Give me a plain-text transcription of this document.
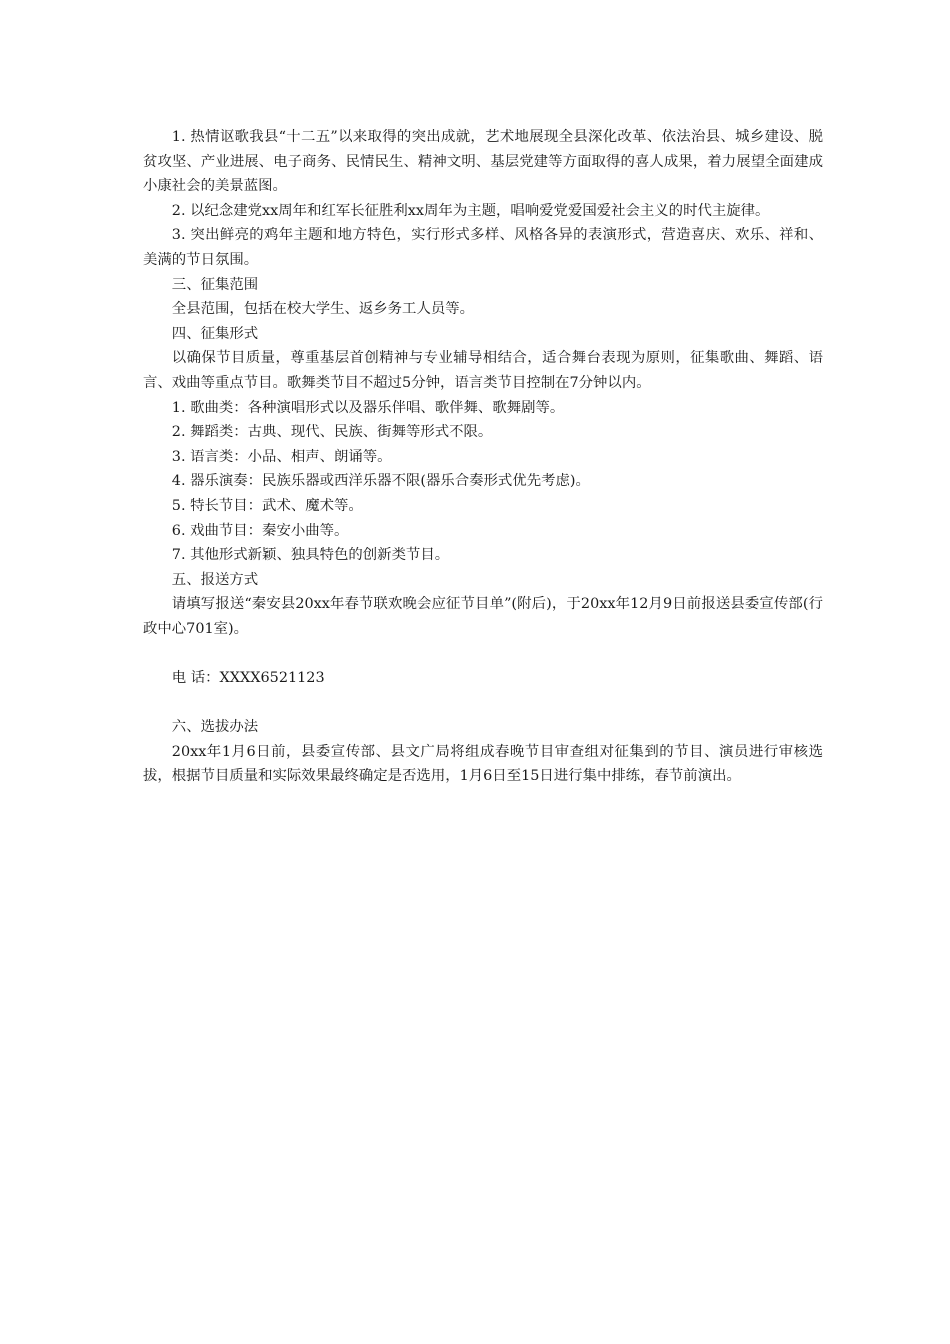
1. 热情讴歌我县“十二五”以来取得的突出成就，艺术地展现全县深化改革、依法治县、城乡建设、脱贫攻坚、产业进展、电子商务、民情民生、精神文明、基层党建等方面取得的喜人成果，着力展望全面建成小康社会的美景蓝图。

2. 以纪念建党xx周年和红军长征胜利xx周年为主题，唱响爱党爱国爱社会主义的时代主旋律。

3. 突出鲜亮的鸡年主题和地方特色，实行形式多样、风格各异的表演形式，营造喜庆、欢乐、祥和、美满的节日氛围。

三、征集范围

全县范围，包括在校大学生、返乡务工人员等。

四、征集形式

以确保节目质量，尊重基层首创精神与专业辅导相结合，适合舞台表现为原则，征集歌曲、舞蹈、语言、戏曲等重点节目。歌舞类节目不超过5分钟，语言类节目控制在7分钟以内。

1. 歌曲类：各种演唱形式以及器乐伴唱、歌伴舞、歌舞剧等。

2. 舞蹈类：古典、现代、民族、街舞等形式不限。

3. 语言类：小品、相声、朗诵等。

4. 器乐演奏：民族乐器或西洋乐器不限(器乐合奏形式优先考虑)。

5. 特长节目：武术、魔术等。

6. 戏曲节目：秦安小曲等。

7. 其他形式新颖、独具特色的创新类节目。

五、报送方式

请填写报送“秦安县20xx年春节联欢晚会应征节目单”(附后)，于20xx年12月9日前报送县委宣传部(行政中心701室)。

电 话：XXXX6521123

六、选拔办法

20xx年1月6日前，县委宣传部、县文广局将组成春晚节目审查组对征集到的节目、演员进行审核选拔，根据节目质量和实际效果最终确定是否选用，1月6日至15日进行集中排练，春节前演出。
